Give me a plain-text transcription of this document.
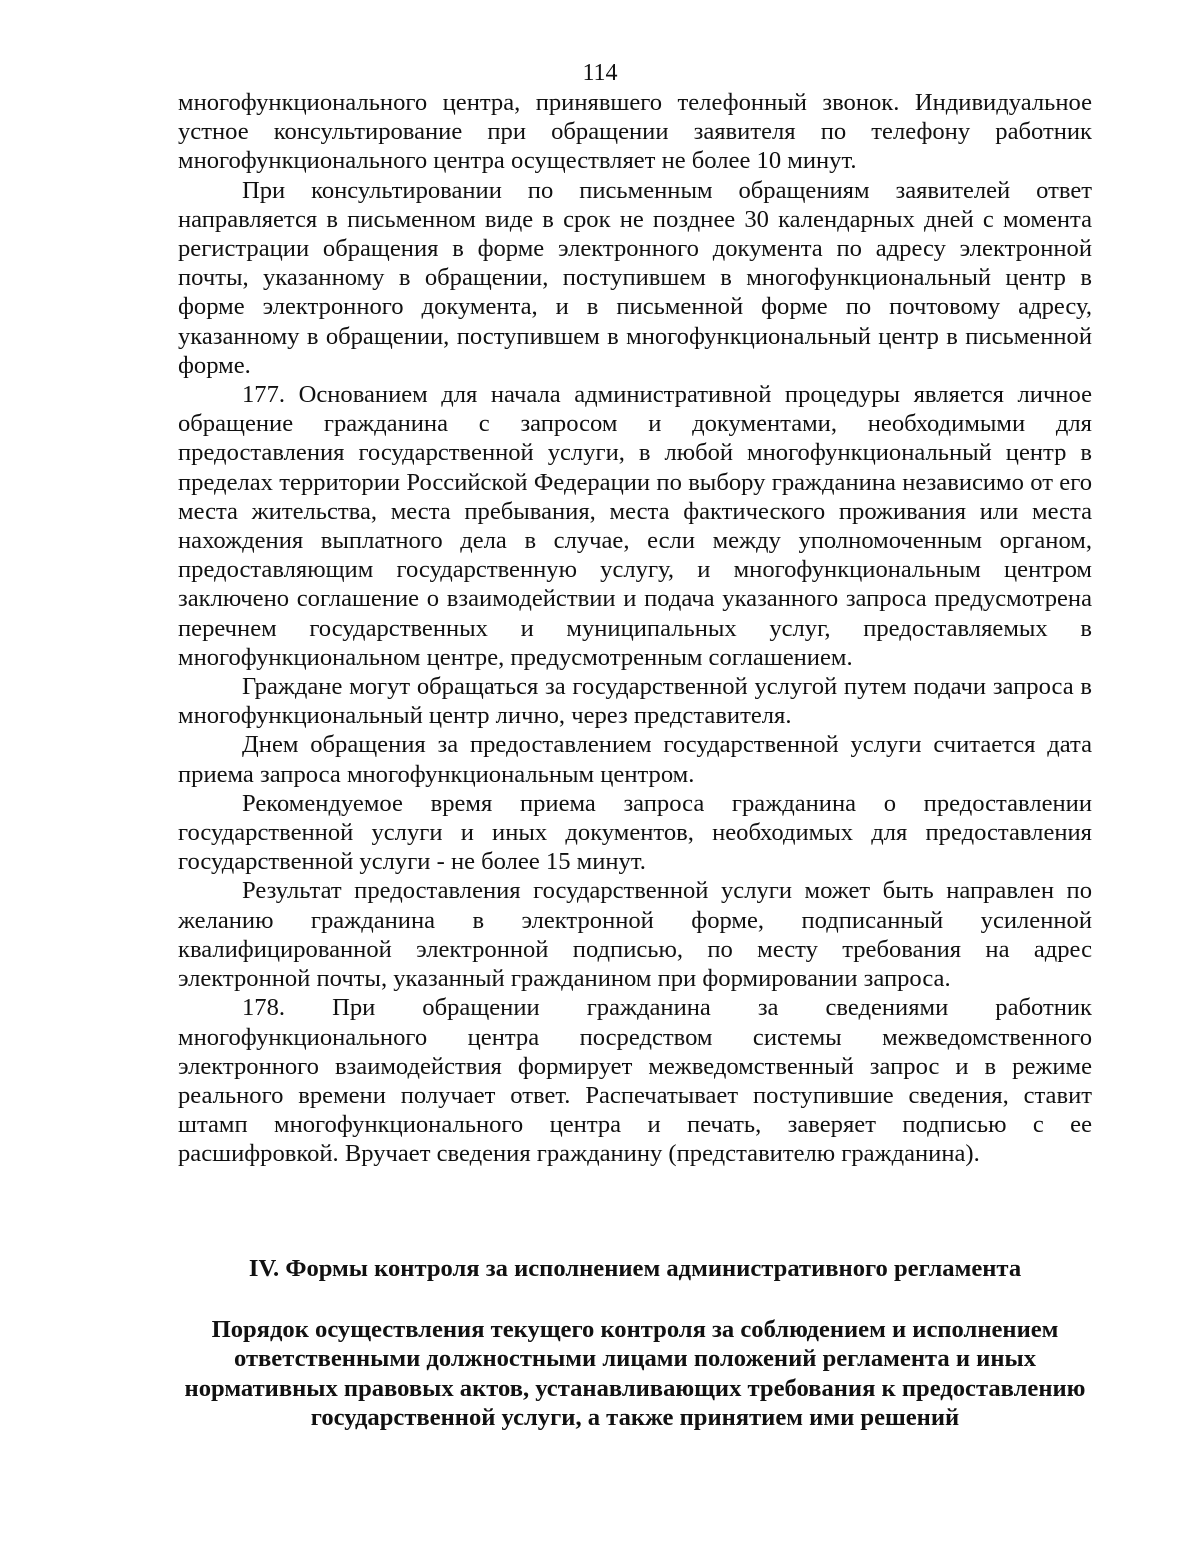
114

многофункционального центра, принявшего телефонный звонок. Индивидуальное устное консультирование при обращении заявителя по телефону работник многофункционального центра осуществляет не более 10 минут.

При консультировании по письменным обращениям заявителей ответ направляется в письменном виде в срок не позднее 30 календарных дней с момента регистрации обращения в форме электронного документа по адресу электронной почты, указанному в обращении, поступившем в многофункциональный центр в форме электронного документа, и в письменной форме по почтовому адресу, указанному в обращении, поступившем в многофункциональный центр в письменной форме.

177. Основанием для начала административной процедуры является личное обращение гражданина с запросом и документами, необходимыми для предоставления государственной услуги, в любой многофункциональный центр в пределах территории Российской Федерации по выбору гражданина независимо от его места жительства, места пребывания, места фактического проживания или места нахождения выплатного дела в случае, если между уполномоченным органом, предоставляющим государственную услугу, и многофункциональным центром заключено соглашение о взаимодействии и подача указанного запроса предусмотрена перечнем государственных и муниципальных услуг, предоставляемых в многофункциональном центре, предусмотренным соглашением.

Граждане могут обращаться за государственной услугой путем подачи запроса в многофункциональный центр лично, через представителя.

Днем обращения за предоставлением государственной услуги считается дата приема запроса многофункциональным центром.

Рекомендуемое время приема запроса гражданина о предоставлении государственной услуги и иных документов, необходимых для предоставления государственной услуги - не более 15 минут.

Результат предоставления государственной услуги может быть направлен по желанию гражданина в электронной форме, подписанный усиленной квалифицированной электронной подписью, по месту требования на адрес электронной почты, указанный гражданином при формировании запроса.

178. При обращении гражданина за сведениями работник многофункционального центра посредством системы межведомственного электронного взаимодействия формирует межведомственный запрос и в режиме реального времени получает ответ. Распечатывает поступившие сведения, ставит штамп многофункционального центра и печать, заверяет подписью с ее расшифровкой. Вручает сведения гражданину (представителю гражданина).

IV. Формы контроля за исполнением административного регламента
Порядок осуществления текущего контроля за соблюдением и исполнением ответственными должностными лицами положений регламента и иных нормативных правовых актов, устанавливающих требования к предоставлению государственной услуги, а также принятием ими решений
